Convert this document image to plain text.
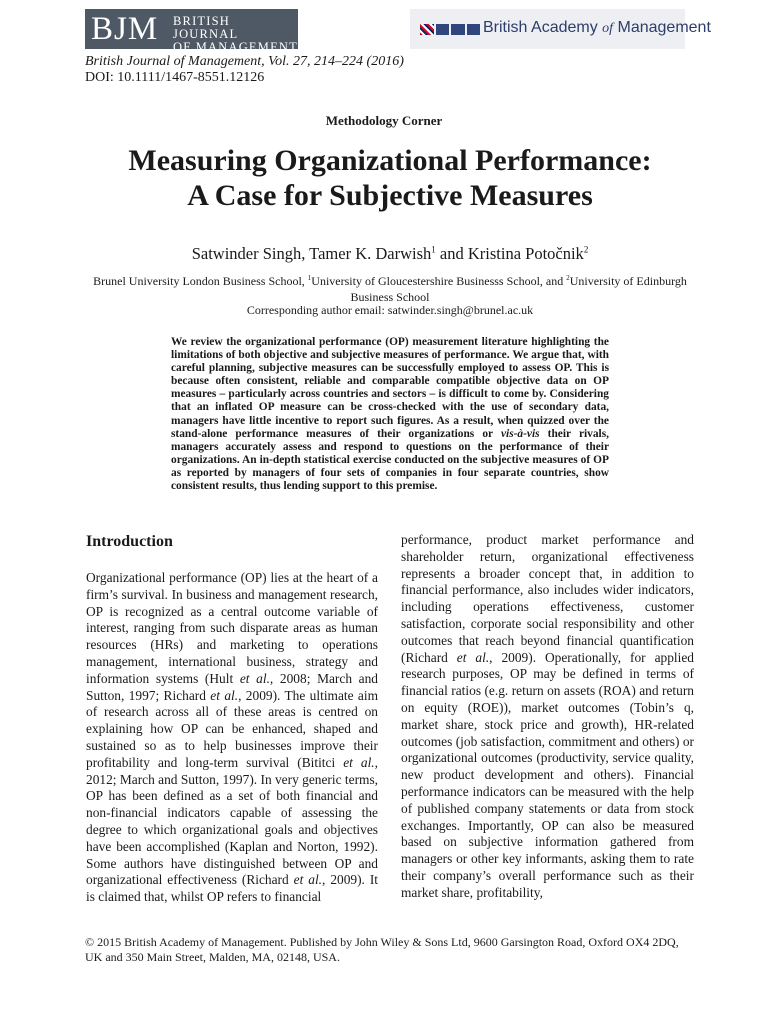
BJM BRITISH JOURNAL
OF MANAGEMENT
British Academy of Management
British Journal of Management, Vol. 27, 214–224 (2016)
DOI: 10.1111/1467-8551.12126
Methodology Corner
Measuring Organizational Performance:
A Case for Subjective Measures
Satwinder Singh, Tamer K. Darwish$^1$ and Kristina Potočnik$^2$
Brunel University London Business School, $^1$University of Gloucestershire Businesss School, and $^2$University of Edinburgh Business School
Corresponding author email: satwinder.singh@brunel.ac.uk
We review the organizational performance (OP) measurement literature highlighting the limitations of both objective and subjective measures of performance. We argue that, with careful planning, subjective measures can be successfully employed to assess OP. This is because often consistent, reliable and comparable compatible objective data on OP measures – particularly across countries and sectors – is difficult to come by. Considering that an inflated OP measure can be cross-checked with the use of secondary data, managers have little incentive to report such figures. As a result, when quizzed over the stand-alone performance measures of their organizations or vis-à-vis their rivals, managers accurately assess and respond to questions on the performance of their organizations. An in-depth statistical exercise conducted on the subjective measures of OP as reported by managers of four sets of companies in four separate countries, show consistent results, thus lending support to this premise.
Introduction

Organizational performance (OP) lies at the heart of a firm’s survival. In business and management research, OP is recognized as a central outcome variable of interest, ranging from such disparate areas as human resources (HRs) and marketing to operations management, international business, strategy and information systems (Hult et al., 2008; March and Sutton, 1997; Richard et al., 2009). The ultimate aim of research across all of these areas is centred on explaining how OP can be enhanced, shaped and sustained so as to help businesses improve their profitability and long-term survival (Bititci et al., 2012; March and Sutton, 1997). In very generic terms, OP has been defined as a set of both financial and non-financial indicators capable of assessing the degree to which organizational goals and objectives have been accomplished (Kaplan and Norton, 1992). Some authors have distinguished between OP and organizational effectiveness (Richard et al., 2009). It is claimed that, whilst OP refers to financial

performance, product market performance and shareholder return, organizational effectiveness represents a broader concept that, in addition to financial performance, also includes wider indicators, including operations effectiveness, customer satisfaction, corporate social responsibility and other outcomes that reach beyond financial quantification (Richard et al., 2009). Operationally, for applied research purposes, OP may be defined in terms of financial ratios (e.g. return on assets (ROA) and return on equity (ROE)), market outcomes (Tobin’s q, market share, stock price and growth), HR-related outcomes (job satisfaction, commitment and others) or organizational outcomes (productivity, service quality, new product development and others). Financial performance indicators can be measured with the help of published company statements or data from stock exchanges. Importantly, OP can also be measured based on subjective information gathered from managers or other key informants, asking them to rate their company’s overall performance such as their market share, profitability,

© 2015 British Academy of Management. Published by John Wiley & Sons Ltd, 9600 Garsington Road, Oxford OX4 2DQ, UK and 350 Main Street, Malden, MA, 02148, USA.
